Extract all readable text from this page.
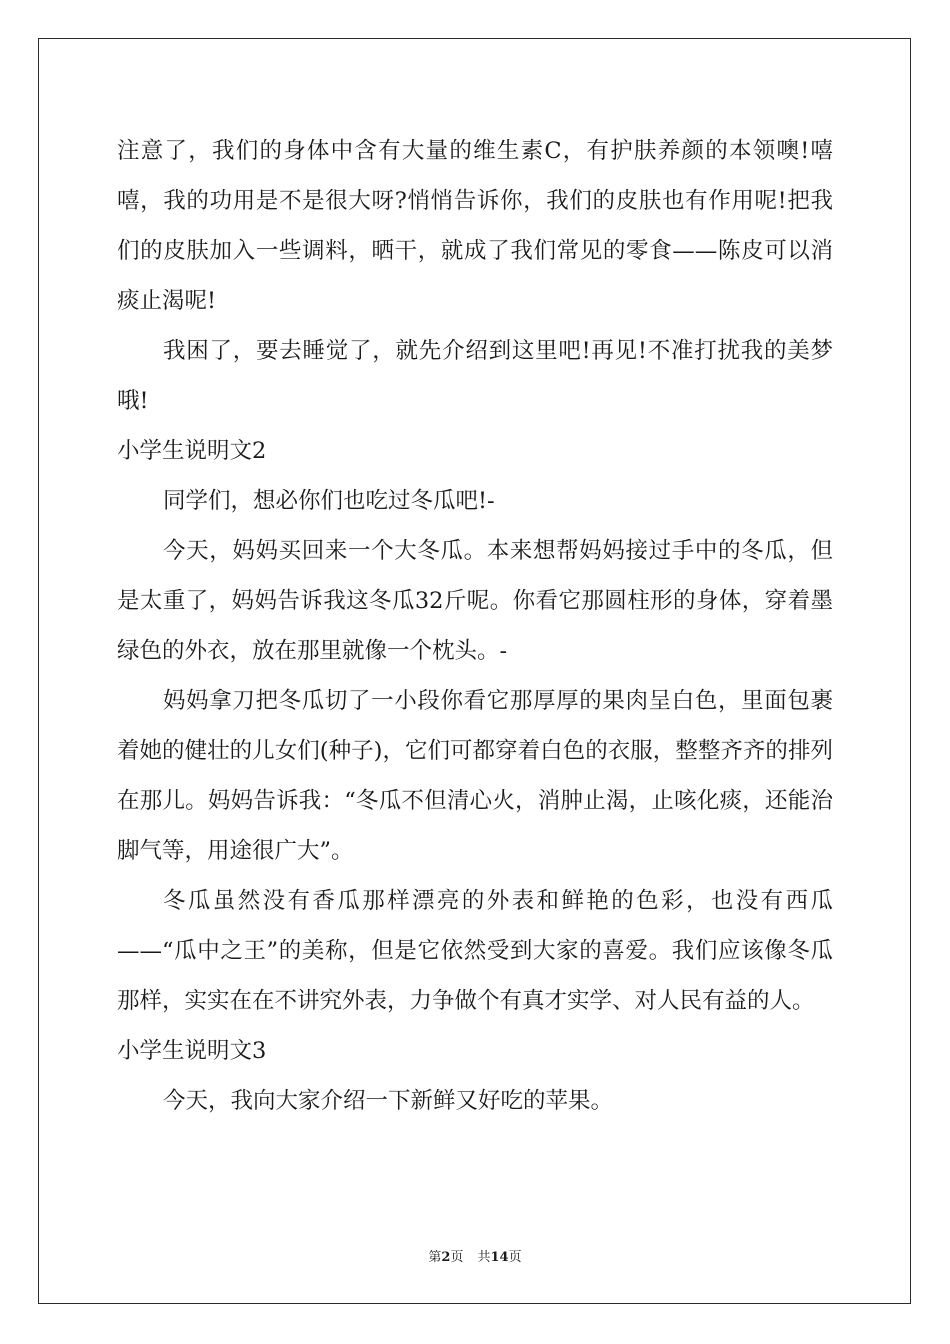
注意了，我们的身体中含有大量的维生素C，有护肤养颜的本领噢!嘻嘻，我的功用是不是很大呀?悄悄告诉你，我们的皮肤也有作用呢!把我们的皮肤加入一些调料，晒干，就成了我们常见的零食——陈皮可以消痰止渴呢!

我困了，要去睡觉了，就先介绍到这里吧!再见!不准打扰我的美梦哦!

小学生说明文2

同学们，想必你们也吃过冬瓜吧!-

今天，妈妈买回来一个大冬瓜。本来想帮妈妈接过手中的冬瓜，但是太重了，妈妈告诉我这冬瓜32斤呢。你看它那圆柱形的身体，穿着墨绿色的外衣，放在那里就像一个枕头。-

妈妈拿刀把冬瓜切了一小段你看它那厚厚的果肉呈白色，里面包裹着她的健壮的儿女们(种子)，它们可都穿着白色的衣服，整整齐齐的排列在那儿。妈妈告诉我：“冬瓜不但清心火，消肿止渴，止咳化痰，还能治脚气等，用途很广大”。

冬瓜虽然没有香瓜那样漂亮的外表和鲜艳的色彩，也没有西瓜——“瓜中之王”的美称，但是它依然受到大家的喜爱。我们应该像冬瓜那样，实实在在不讲究外表，力争做个有真才实学、对人民有益的人。

小学生说明文3

今天，我向大家介绍一下新鲜又好吃的苹果。

第2页 共14页
